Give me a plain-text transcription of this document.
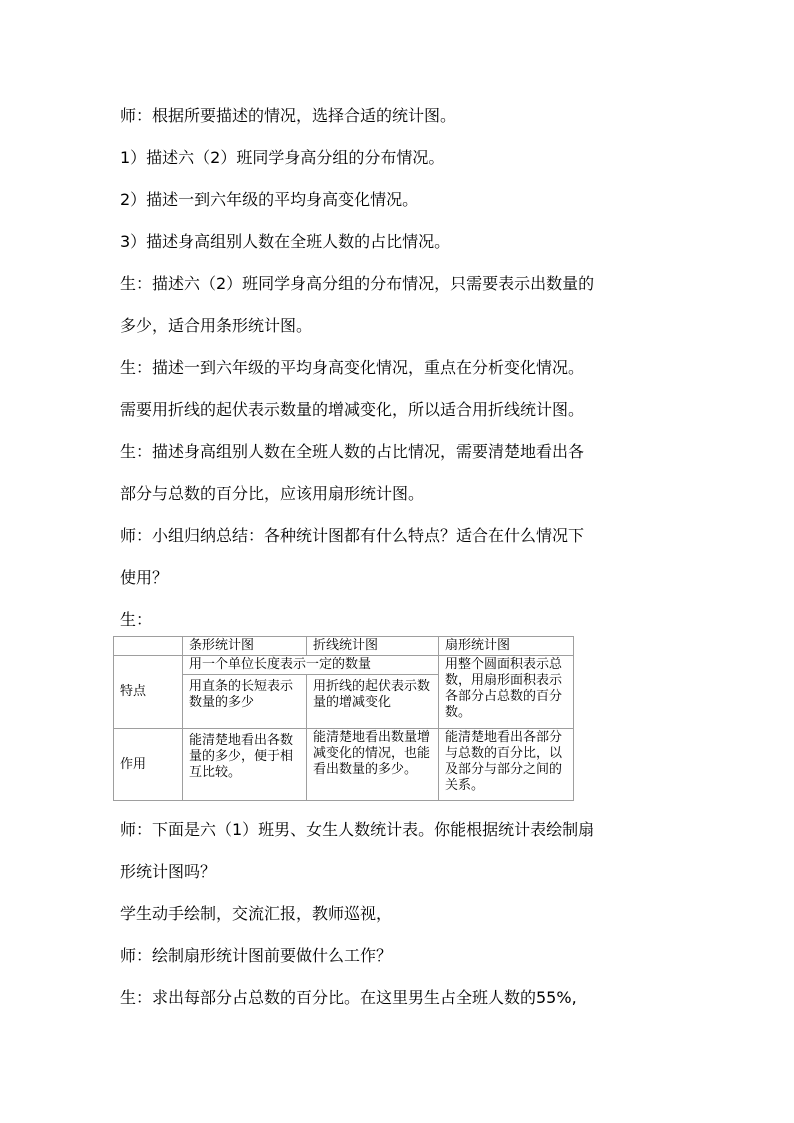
师：根据所要描述的情况，选择合适的统计图。
1）描述六（2）班同学身高分组的分布情况。
2）描述一到六年级的平均身高变化情况。
3）描述身高组别人数在全班人数的占比情况。
生：描述六（2）班同学身高分组的分布情况，只需要表示出数量的
多少，适合用条形统计图。
生：描述一到六年级的平均身高变化情况，重点在分析变化情况。
需要用折线的起伏表示数量的增减变化，所以适合用折线统计图。
生：描述身高组别人数在全班人数的占比情况，需要清楚地看出各
部分与总数的百分比，应该用扇形统计图。
师：小组归纳总结：各种统计图都有什么特点？适合在什么情况下
使用？
生：
师：下面是六（1）班男、女生人数统计表。你能根据统计表绘制扇
形统计图吗？
学生动手绘制，交流汇报，教师巡视，
师：绘制扇形统计图前要做什么工作？
生：求出每部分占总数的百分比。在这里男生占全班人数的55%,
	条形统计图	折线统计图	扇形统计图
特点	用一个单位长度表示一定的数量		用整个圆面积表示总数，用扇形面积表示各部分占总数的百分数。
	用直条的长短表示数量的多少	用折线的起伏表示数量的增减变化	
作用	能清楚地看出各数量的多少，便于相互比较。	能清楚地看出数量增减变化的情况，也能看出数量的多少。	能清楚地看出各部分与总数的百分比，以及部分与部分之间的关系。
